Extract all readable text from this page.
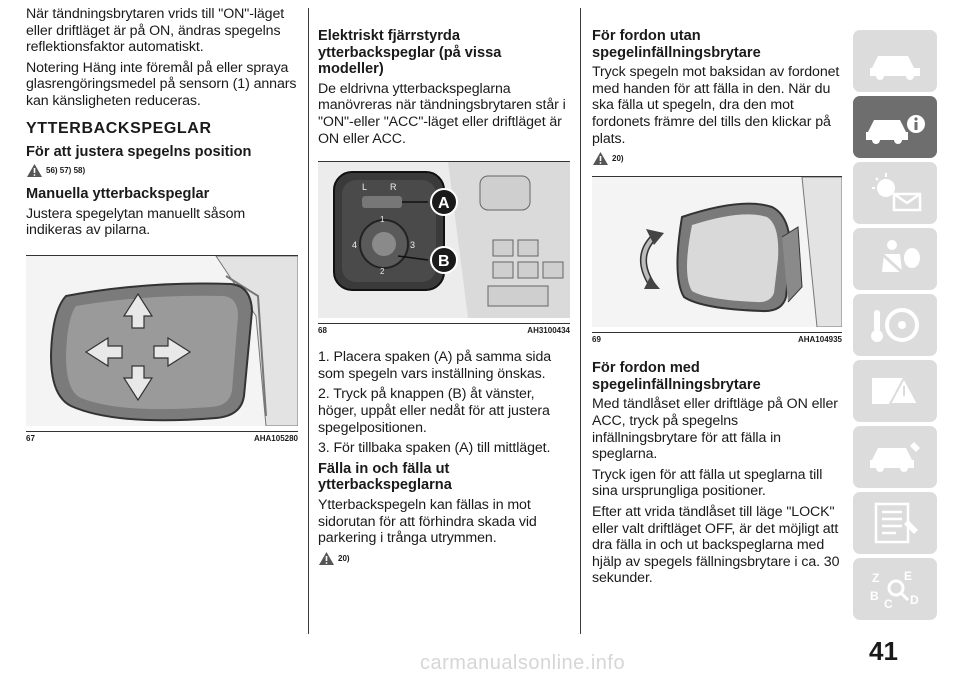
När tändningsbrytaren vrids till "ON"-läget eller driftläget är på ON, ändras spegelns reflektionsfaktor automatiskt.

Notering Häng inte föremål på eller spraya glasrengöringsmedel på sensorn (1) annars kan känsligheten reduceras.

YTTERBACKSPEGLAR
För att justera spegelns position
56) 57) 58)
Manuella ytterbackspeglar

Justera spegelytan manuellt såsom indikeras av pilarna.

67	AHA105280
Elektriskt fjärrstyrda ytterbackspeglar (på vissa modeller)

De eldrivna ytterbackspeglarna manövreras när tändningsbrytaren står i "ON"-eller "ACC"-läget eller driftläget är ON eller ACC.

L	R
1
2
3
4
A
B
68	AH3100434

1. Placera spaken (A) på samma sida som spegeln vars inställning önskas.

2. Tryck på knappen (B) åt vänster, höger, uppåt eller nedåt för att justera spegelpositionen.

3. För tillbaka spaken (A) till mittläget.

Fälla in och fälla ut ytterbackspeglarna

Ytterbackspegeln kan fällas in mot sidorutan för att förhindra skada vid parkering i trånga utrymmen.

20)
För fordon utan spegelinfällningsbrytare

Tryck spegeln mot baksidan av fordonet med handen för att fälla in den. När du ska fälla ut spegeln, dra den mot fordonets främre del tills den klickar på plats.

20)
69	AHA104935
För fordon med spegelinfällningsbrytare

Med tändlåset eller driftläge på ON eller ACC, tryck på spegelns infällningsbrytare för att fälla in speglarna.

Tryck igen för att fälla ut speglarna till sina ursprungliga positioner.

Efter att vrida tändlåset till läge "LOCK" eller valt driftläget OFF, är det möjligt att dra fälla in och ut backspeglarna med hjälp av spegels fällningsbrytare i ca. 30 sekunder.	Z E
B
C D
41
carmanualsonline.info
